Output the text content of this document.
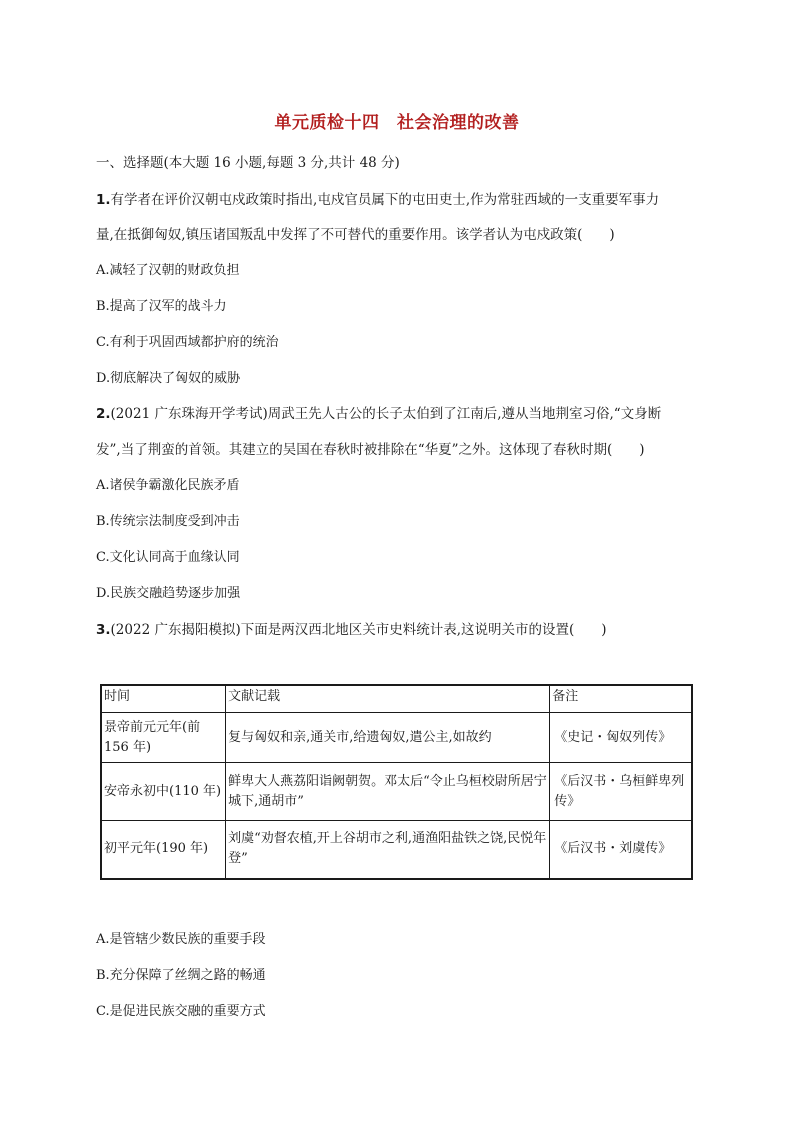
单元质检十四　社会治理的改善
一、选择题(本大题 16 小题,每题 3 分,共计 48 分)
1.有学者在评价汉朝屯戍政策时指出,屯戍官员属下的屯田吏士,作为常驻西域的一支重要军事力
量,在抵御匈奴,镇压诸国叛乱中发挥了不可替代的重要作用。该学者认为屯戍政策(　　)
A.减轻了汉朝的财政负担
B.提高了汉军的战斗力
C.有利于巩固西域都护府的统治
D.彻底解决了匈奴的威胁
2.(2021 广东珠海开学考试)周武王先人古公的长子太伯到了江南后,遵从当地荆室习俗,“文身断
发”,当了荆蛮的首领。其建立的吴国在春秋时被排除在“华夏”之外。这体现了春秋时期(　　)
A.诸侯争霸激化民族矛盾
B.传统宗法制度受到冲击
C.文化认同高于血缘认同
D.民族交融趋势逐步加强
3.(2022 广东揭阳模拟)下面是两汉西北地区关市史料统计表,这说明关市的设置(　　)
时间	文献记载	备注
景帝前元元年(前 156 年)	复与匈奴和亲,通关市,给遗匈奴,遣公主,如故约	《史记・匈奴列传》
安帝永初中(110 年)	鲜卑大人燕荔阳诣阙朝贺。邓太后“令止乌桓校尉所居宁城下,通胡市”	《后汉书・乌桓鲜卑列传》
初平元年(190 年)	刘虞“劝督农植,开上谷胡市之利,通渔阳盐铁之饶,民悦年登”	《后汉书・刘虞传》
A.是管辖少数民族的重要手段
B.充分保障了丝绸之路的畅通
C.是促进民族交融的重要方式
